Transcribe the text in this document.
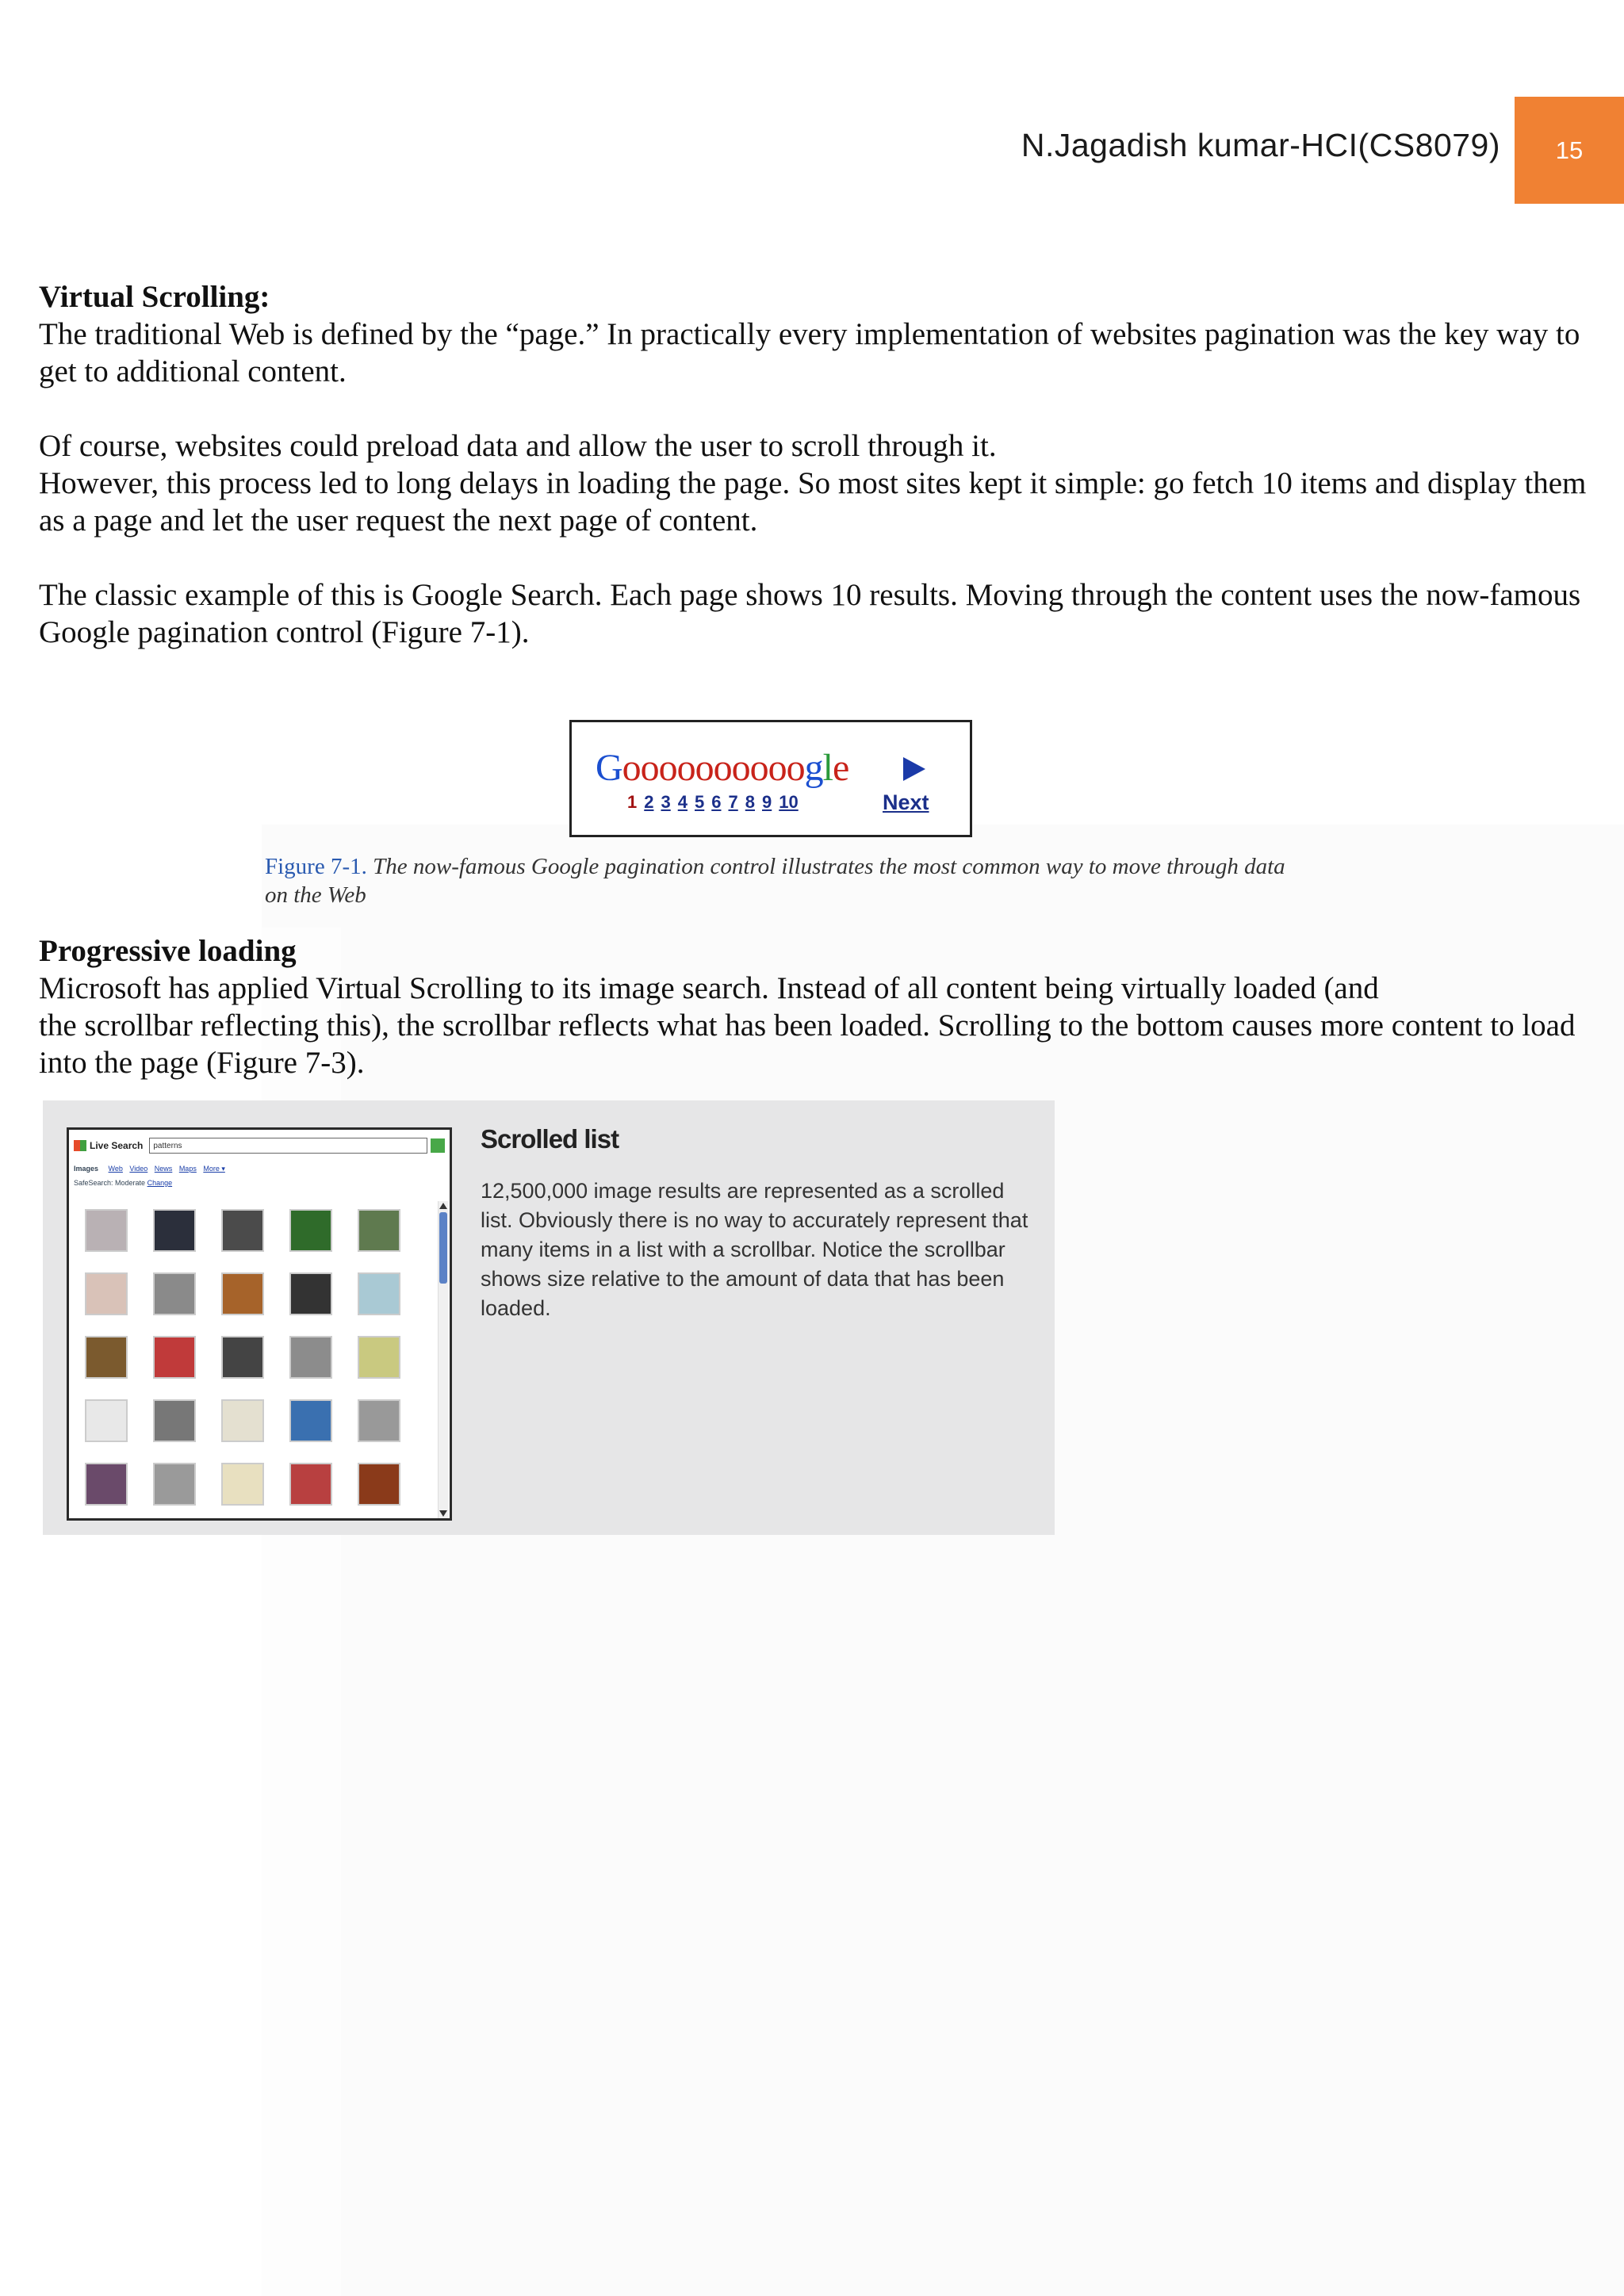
N.Jagadish kumar-HCI(CS8079)	15

Virtual Scrolling:

The traditional Web is defined by the “page.” In practically every implementation of websites pagination was the key way to get to additional content.

Of course, websites could preload data and allow the user to scroll through it.

However, this process led to long delays in loading the page. So most sites kept it simple: go fetch 10 items and display them as a page and let the user request the next page of content.

The classic example of this is Google Search. Each page shows 10 results. Moving through the content uses the now-famous Google pagination control (Figure 7-1).

Goooooooooogle
1 2 3 4 5 6 7 8 9 10	Next
Figure 7-1. The now-famous Google pagination control illustrates the most common way to move through data on the Web

Progressive loading

Microsoft has applied Virtual Scrolling to its image search. Instead of all content being virtually loaded (and

the scrollbar reflecting this), the scrollbar reflects what has been loaded. Scrolling to the bottom causes more content to load into the page (Figure 7-3).

Live Search	patterns
Images Web Video News Maps More ▾
SafeSearch: Moderate Change
Scrolled list
12,500,000 image results are represented as a scrolled list. Obviously there is no way to accurately represent that many items in a list with a scrollbar. Notice the scrollbar shows size relative to the amount of data that has been loaded.
